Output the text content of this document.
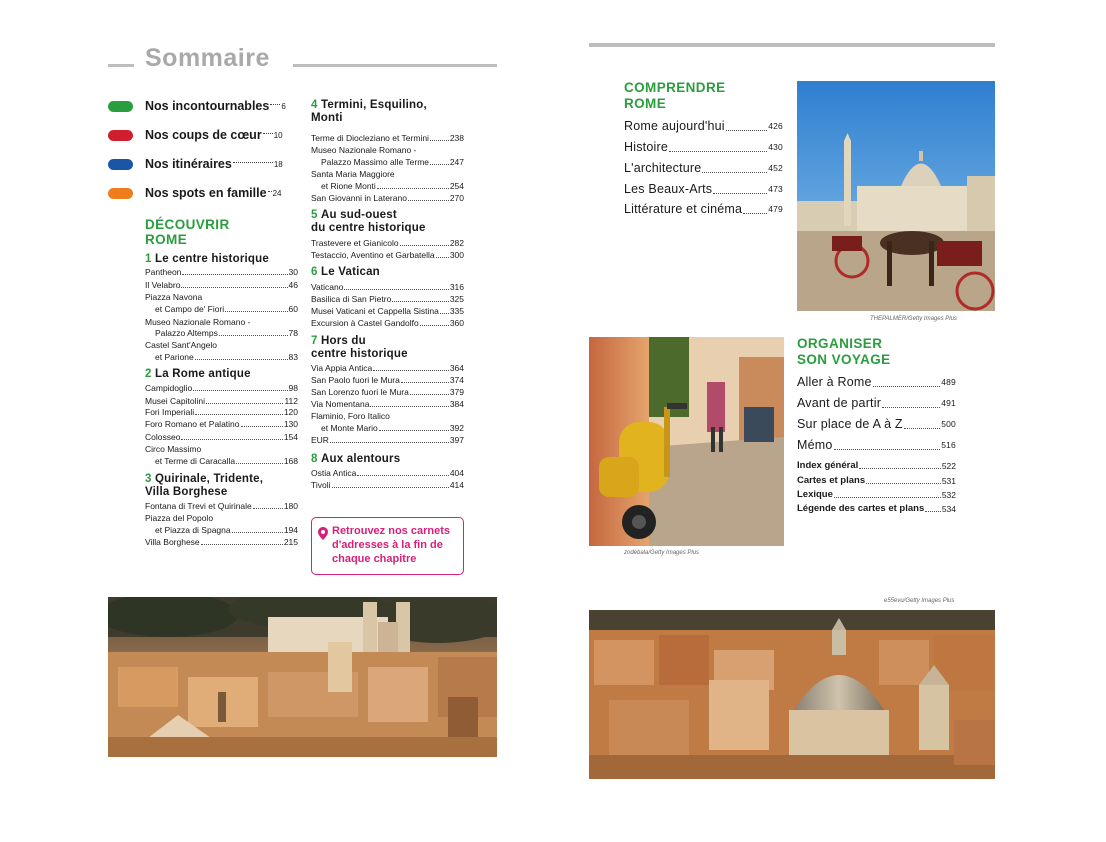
Sommaire
Nos incontournables 6
Nos coups de cœur 10
Nos itinéraires	18
Nos spots en famille 24
DÉCOUVRIR
ROME
1 Le centre historique
Pantheon	30
Il Velabro	46
Piazza Navona
et Campo de' Fiori	60
Museo Nazionale Romano -
Palazzo Altemps	78
Castel Sant'Angelo
et Parione	83
2 La Rome antique
Campidoglio	98
Musei Capitolini	112
Fori Imperiali	120
Foro Romano et Palatino	130
Colosseo	154
Circo Massimo
et Terme di Caracalla	168
3 Quirinale, Tridente,
Villa Borghese
Fontana di Trevi et Quirinale	180
Piazza del Popolo
et Piazza di Spagna	194
Villa Borghese	215
4 Termini, Esquilino,
Monti
Terme di Diocleziano et Termini 238
Museo Nazionale Romano -
Palazzo Massimo alle Terme 247
Santa Maria Maggiore
et Rione Monti	254
San Giovanni in Laterano	270
5 Au sud-ouest
du centre historique
Trastevere et Gianicolo	282
Testaccio, Aventino et Garbatella 300
6 Le Vatican
Vaticano	316
Basilica di San Pietro	325
Musei Vaticani et Cappella Sistina 335
Excursion à Castel Gandolfo	360
7 Hors du
centre historique
Via Appia Antica	364
San Paolo fuori le Mura	374
San Lorenzo fuori le Mura	379
Via Nomentana	384
Flaminio, Foro Italico
et Monte Mario	392
EUR	397
8 Aux alentours
Ostia Antica	404
Tivoli	414
Retrouvez nos carnets
d'adresses à la fin de
chaque chapitre
COMPRENDRE
ROME
Rome aujourd'hui	426
Histoire	430
L'architecture	452
Les Beaux-Arts	473
Littérature et cinéma	479
THEPALMER/Getty Images Plus
zodebala/Getty Images Plus
ORGANISER
SON VOYAGE
Aller à Rome	489
Avant de partir	491
Sur place de A à Z	500
Mémo	516
Index général	522
Cartes et plans	531
Lexique	532
Légende des cartes et plans 534
e55evu/Getty Images Plus
